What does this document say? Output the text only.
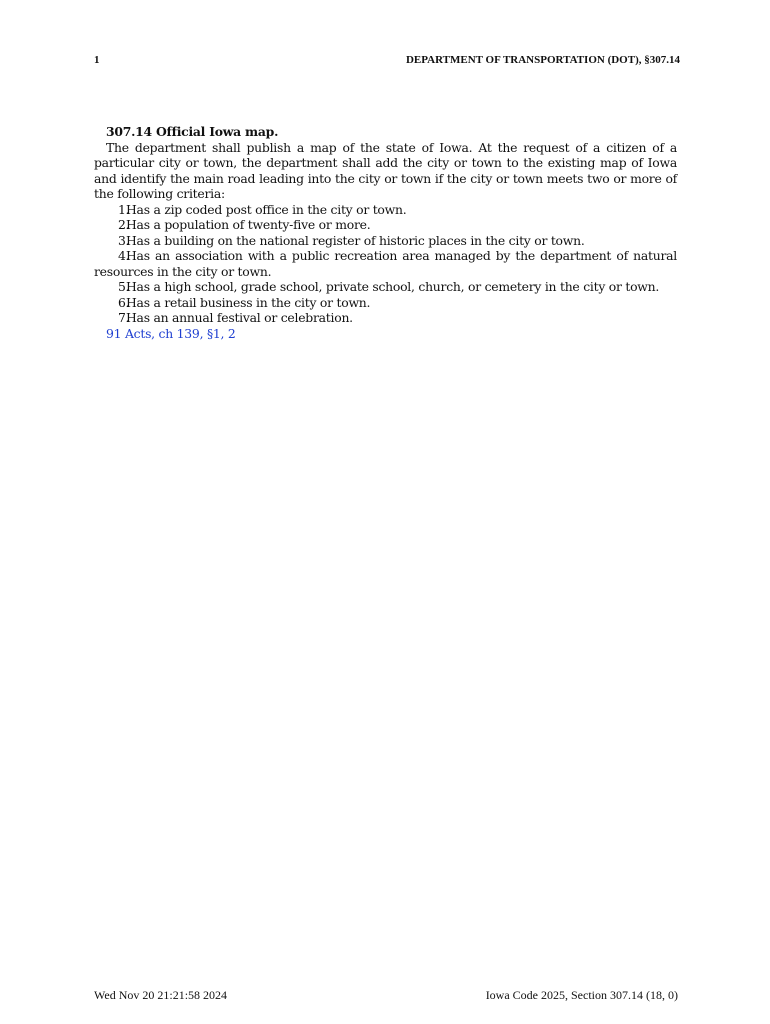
1	DEPARTMENT OF TRANSPORTATION (DOT), §307.14

307.14 Official Iowa map.

The department shall publish a map of the state of Iowa. At the request of a citizen of a particular city or town, the department shall add the city or town to the existing map of Iowa and identify the main road leading into the city or town if the city or town meets two or more of the following criteria:

1.Has a zip coded post office in the city or town.

2.Has a population of twenty-five or more.

3.Has a building on the national register of historic places in the city or town.

4.Has an association with a public recreation area managed by the department of natural resources in the city or town.

5.Has a high school, grade school, private school, church, or cemetery in the city or town.

6.Has a retail business in the city or town.

7.Has an annual festival or celebration.

91 Acts, ch 139, §1, 2

Wed Nov 20 21:21:58 2024	Iowa Code 2025, Section 307.14 (18, 0)
